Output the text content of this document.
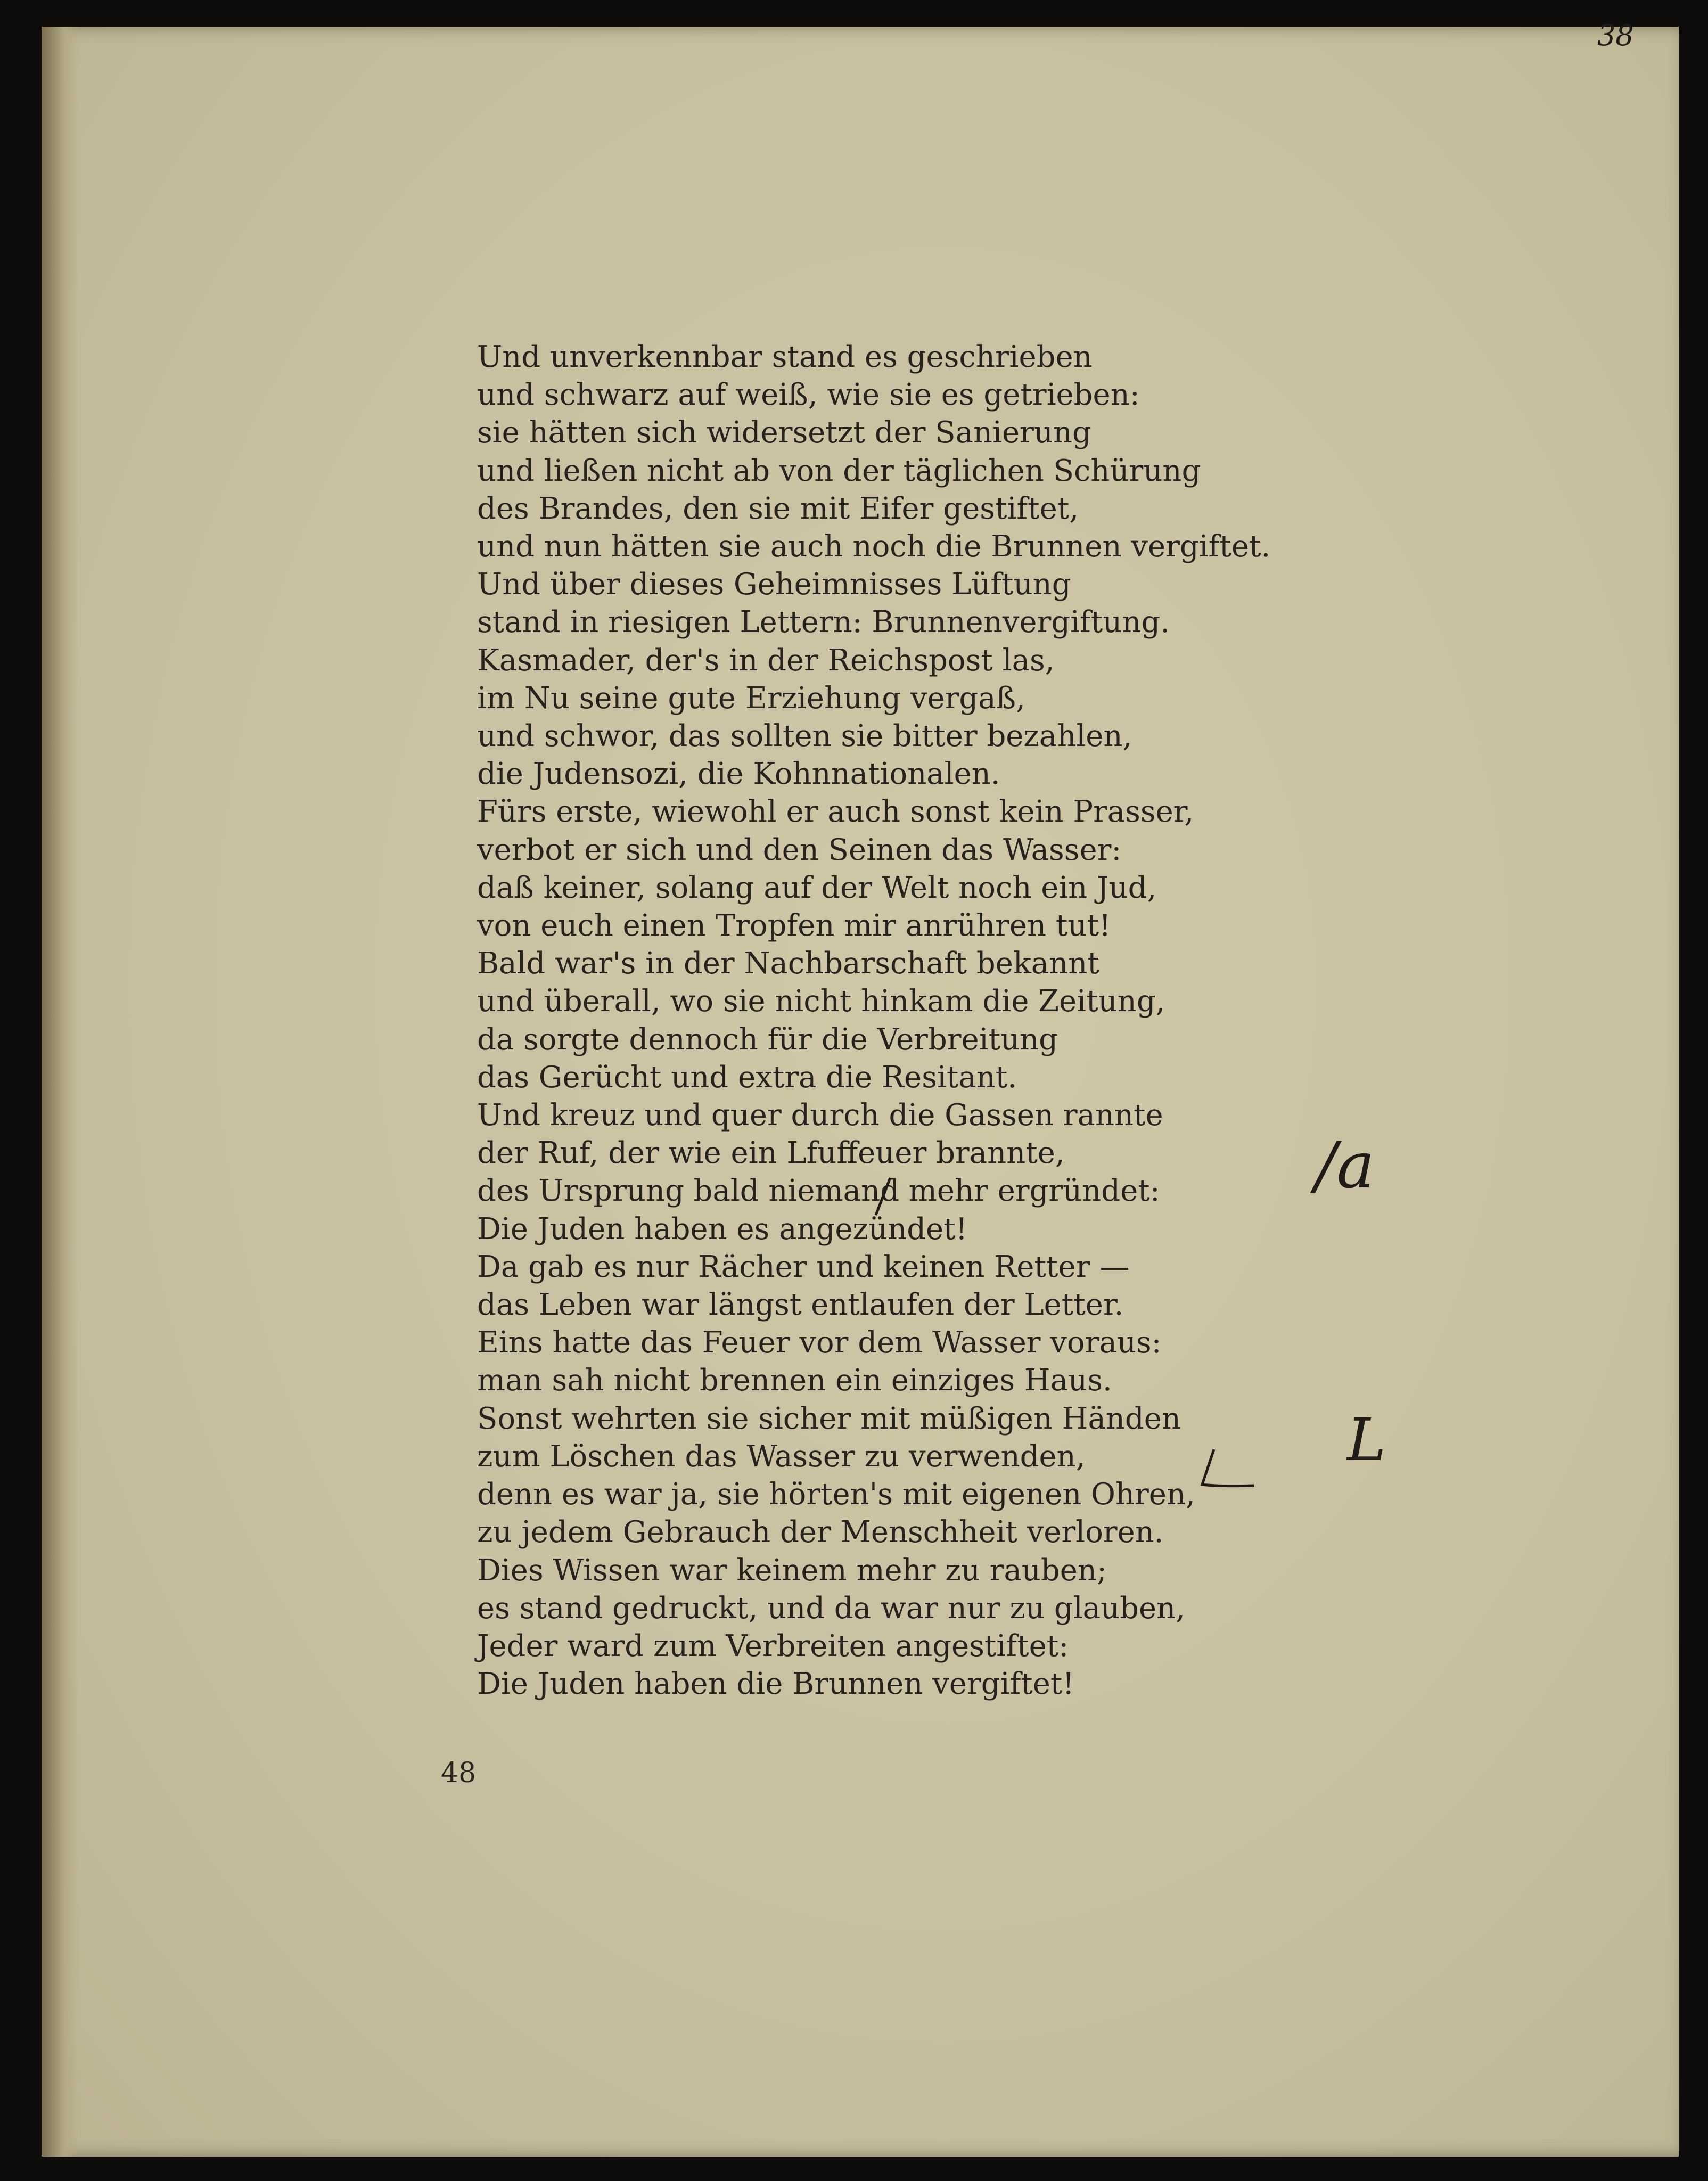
38
Und unverkennbar stand es geschrieben
und schwarz auf weiß, wie sie es getrieben:
sie hätten sich widersetzt der Sanierung
und ließen nicht ab von der täglichen Schürung
des Brandes, den sie mit Eifer gestiftet,
und nun hätten sie auch noch die Brunnen vergiftet.
Und über dieses Geheimnisses Lüftung
stand in riesigen Lettern: Brunnenvergiftung.
Kasmader, der's in der Reichspost las,
im Nu seine gute Erziehung vergaß,
und schwor, das sollten sie bitter bezahlen,
die Judensozi, die Kohnnationalen.
Fürs erste, wiewohl er auch sonst kein Prasser,
verbot er sich und den Seinen das Wasser:
daß keiner, solang auf der Welt noch ein Jud,
von euch einen Tropfen mir anrühren tut!
Bald war's in der Nachbarschaft bekannt
und überall, wo sie nicht hinkam die Zeitung,
da sorgte dennoch für die Verbreitung
das Gerücht und extra die Resitant.
Und kreuz und quer durch die Gassen rannte
der Ruf, der wie ein Lfuffeuer brannte,
des Ursprung bald niemand mehr ergründet:
Die Juden haben es angezündet!
Da gab es nur Rächer und keinen Retter —
das Leben war längst entlaufen der Letter.
Eins hatte das Feuer vor dem Wasser voraus:
man sah nicht brennen ein einziges Haus.
Sonst wehrten sie sicher mit müßigen Händen
zum Löschen das Wasser zu verwenden,
denn es war ja, sie hörten's mit eigenen Ohren,
zu jedem Gebrauch der Menschheit verloren.
Dies Wissen war keinem mehr zu rauben;
es stand gedruckt, und da war nur zu glauben,
Jeder ward zum Verbreiten angestiftet:
Die Juden haben die Brunnen vergiftet!
/a
L
48
